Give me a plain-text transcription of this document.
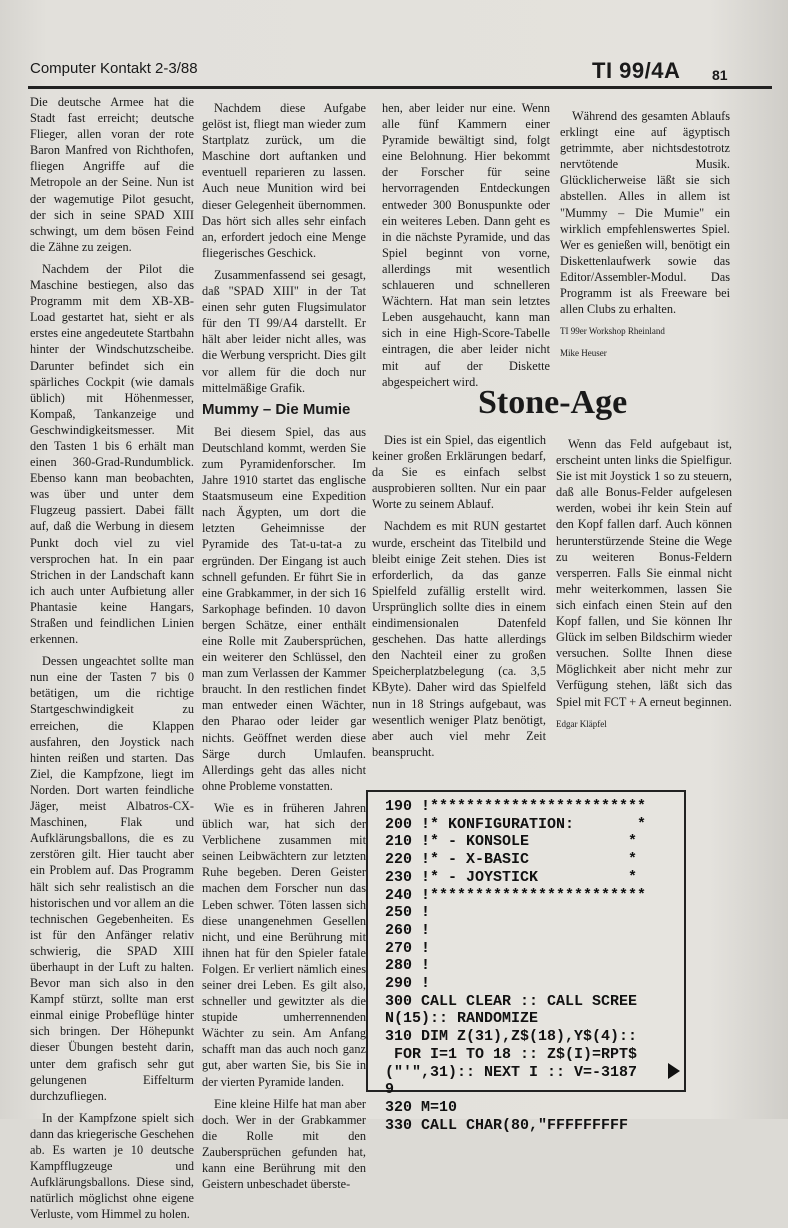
Computer Kontakt 2-3/88	TI 99/4A 81

Die deutsche Armee hat die Stadt fast erreicht; deutsche Flieger, allen voran der rote Baron Manfred von Richthofen, fliegen Angriffe auf die Metropole an der Seine. Nun ist der wagemutige Pilot gesucht, der sich in seine SPAD XIII schwingt, um dem bösen Feind die Zähne zu zeigen.

Nachdem der Pilot die Maschine bestiegen, also das Programm mit dem XB-XB-Load gestartet hat, sieht er als erstes eine angedeutete Startbahn hinter der Windschutzscheibe. Darunter befindet sich ein spärliches Cockpit (wie damals üblich) mit Höhenmesser, Kompaß, Tankanzeige und Geschwindigkeitsmesser. Mit den Tasten 1 bis 6 erhält man einen 360-Grad-Rundumblick. Ebenso kann man beobachten, was über und unter dem Flugzeug passiert. Dabei fällt auf, daß die Werbung in diesem Punkt doch viel zu viel versprochen hat. In ein paar Strichen in der Landschaft kann ich auch unter Aufbietung aller Phantasie keine Hangars, Straßen und feindlichen Linien erkennen.

Dessen ungeachtet sollte man nun eine der Tasten 7 bis 0 betätigen, um die richtige Startgeschwindigkeit zu erreichen, die Klappen ausfahren, den Joystick nach hinten reißen und starten. Das Ziel, die Kampfzone, liegt im Norden. Dort warten feindliche Jäger, meist Albatros-CX-Maschinen, Flak und Aufklärungsballons, die es zu zerstören gilt. Hier taucht aber ein Problem auf. Das Programm hält sich sehr realistisch an die historischen und vor allem an die technischen Gegebenheiten. Es ist für den Anfänger relativ schwierig, die SPAD XIII überhaupt in der Luft zu halten. Bevor man sich also in den Kampf stürzt, sollte man erst einmal einige Probeflüge hinter sich bringen. Der Höhepunkt dieser Übungen besteht darin, unter dem grafisch sehr gut gelungenen Eiffelturm durchzufliegen.

In der Kampfzone spielt sich dann das kriegerische Geschehen ab. Es warten je 10 deutsche Kampfflugzeuge und Aufklärungsballons. Diese sind, natürlich möglichst ohne eigene Verluste, vom Himmel zu holen.

Nachdem diese Aufgabe gelöst ist, fliegt man wieder zum Startplatz zurück, um die Maschine dort auftanken und eventuell reparieren zu lassen. Auch neue Munition wird bei dieser Gelegenheit übernommen. Das hört sich alles sehr einfach an, erfordert jedoch eine Menge fliegerisches Geschick.

Zusammenfassend sei gesagt, daß "SPAD XIII" in der Tat einen sehr guten Flugsimulator für den TI 99/A4 darstellt. Er hält aber leider nicht alles, was die Werbung verspricht. Dies gilt vor allem für die doch nur mittelmäßige Grafik.

Mummy – Die Mumie

Bei diesem Spiel, das aus Deutschland kommt, werden Sie zum Pyramidenforscher. Im Jahre 1910 startet das englische Staatsmuseum eine Expedition nach Ägypten, um dort die letzten Geheimnisse der Pyramide des Tat-u-tat-a zu ergründen. Der Eingang ist auch schnell gefunden. Er führt Sie in eine Grabkammer, in der sich 16 Sarkophage befinden. 10 davon bergen Schätze, einer enthält eine Rolle mit Zaubersprüchen, ein weiterer den Schlüssel, den man zum Verlassen der Kammer braucht. In den restlichen findet man entweder einen Wächter, den Pharao oder leider gar nichts. Geöffnet werden diese Särge durch Umlaufen. Allerdings geht das alles nicht ohne Probleme vonstatten.

Wie es in früheren Jahren üblich war, hat sich der Verblichene zusammen mit seinen Leibwächtern zur letzten Ruhe begeben. Deren Geister machen dem Forscher nun das Leben schwer. Töten lassen sich diese unangenehmen Gesellen nicht, und eine Berührung mit ihnen hat für den Spieler fatale Folgen. Er verliert nämlich eines seiner drei Leben. Es gilt also, schneller und gewitzter als die stupide umherrennenden Wächter zu sein. Am Anfang schafft man das auch noch ganz gut, aber warten Sie, bis Sie in der vierten Pyramide landen.

Eine kleine Hilfe hat man aber doch. Wer in der Grabkammer die Rolle mit den Zaubersprüchen gefunden hat, kann eine Berührung mit den Geistern unbeschadet überste-

hen, aber leider nur eine. Wenn alle fünf Kammern einer Pyramide bewältigt sind, folgt eine Belohnung. Hier bekommt der Forscher für seine hervorragenden Entdeckungen entweder 300 Bonuspunkte oder ein weiteres Leben. Dann geht es in die nächste Pyramide, und das Spiel beginnt von vorne, allerdings mit wesentlich schlaueren und schnelleren Wächtern. Hat man sein letztes Leben ausgehaucht, kann man sich in eine High-Score-Tabelle eintragen, die aber leider nicht mit auf der Diskette abgespeichert wird.

Während des gesamten Ablaufs erklingt eine auf ägyptisch getrimmte, aber nichtsdestotrotz nervtötende Musik. Glücklicherweise läßt sie sich abstellen. Alles in allem ist "Mummy – Die Mumie" ein wirklich empfehlenswertes Spiel. Wer es genießen will, benötigt ein Diskettenlaufwerk sowie das Editor/Assembler-Modul. Das Programm ist als Freeware bei allen Clubs zu erhalten.

TI 99er Workshop Rheinland

Mike Heuser

Stone-Age

Dies ist ein Spiel, das eigentlich keiner großen Erklärungen bedarf, da Sie es einfach selbst ausprobieren sollten. Nur ein paar Worte zu seinem Ablauf.

Nachdem es mit RUN gestartet wurde, erscheint das Titelbild und bleibt einige Zeit stehen. Dies ist erforderlich, da das ganze Spielfeld zufällig erstellt wird. Ursprünglich sollte dies in einem eindimensionalen Datenfeld geschehen. Das hatte allerdings den Nachteil einer zu großen Speicherplatzbelegung (ca. 3,5 KByte). Daher wird das Spielfeld nun in 18 Strings aufgebaut, was wesentlich weniger Platz benötigt, aber auch viel mehr Zeit beansprucht.

Wenn das Feld aufgebaut ist, erscheint unten links die Spielfigur. Sie ist mit Joystick 1 so zu steuern, daß alle Bonus-Felder aufgelesen werden, wobei ihr kein Stein auf den Kopf fallen darf. Auch können herunterstürzende Steine die Wege zu weiteren Bonus-Feldern versperren. Falls Sie einmal nicht mehr weiterkommen, lassen Sie sich einfach einen Stein auf den Kopf fallen, und Sie können Ihr Glück im selben Bildschirm wieder versuchen. Sollte Ihnen diese Möglichkeit aber nicht mehr zur Verfügung stehen, läßt sich das Spiel mit FCT + A erneut beginnen.

Edgar Kläpfel

190 !************************
200 !* KONFIGURATION:       *
210 !* - KONSOLE           *
220 !* - X-BASIC           *
230 !* - JOYSTICK          *
240 !************************
250 !
260 !
270 !
280 !
290 !
300 CALL CLEAR :: CALL SCREE
N(15):: RANDOMIZE
310 DIM Z(31),Z$(18),Y$(4)::
FOR I=1 TO 18 :: Z$(I)=RPT$
("'",31):: NEXT I :: V=-3187
9
320 M=10
330 CALL CHAR(80,"FFFFFFFFF
